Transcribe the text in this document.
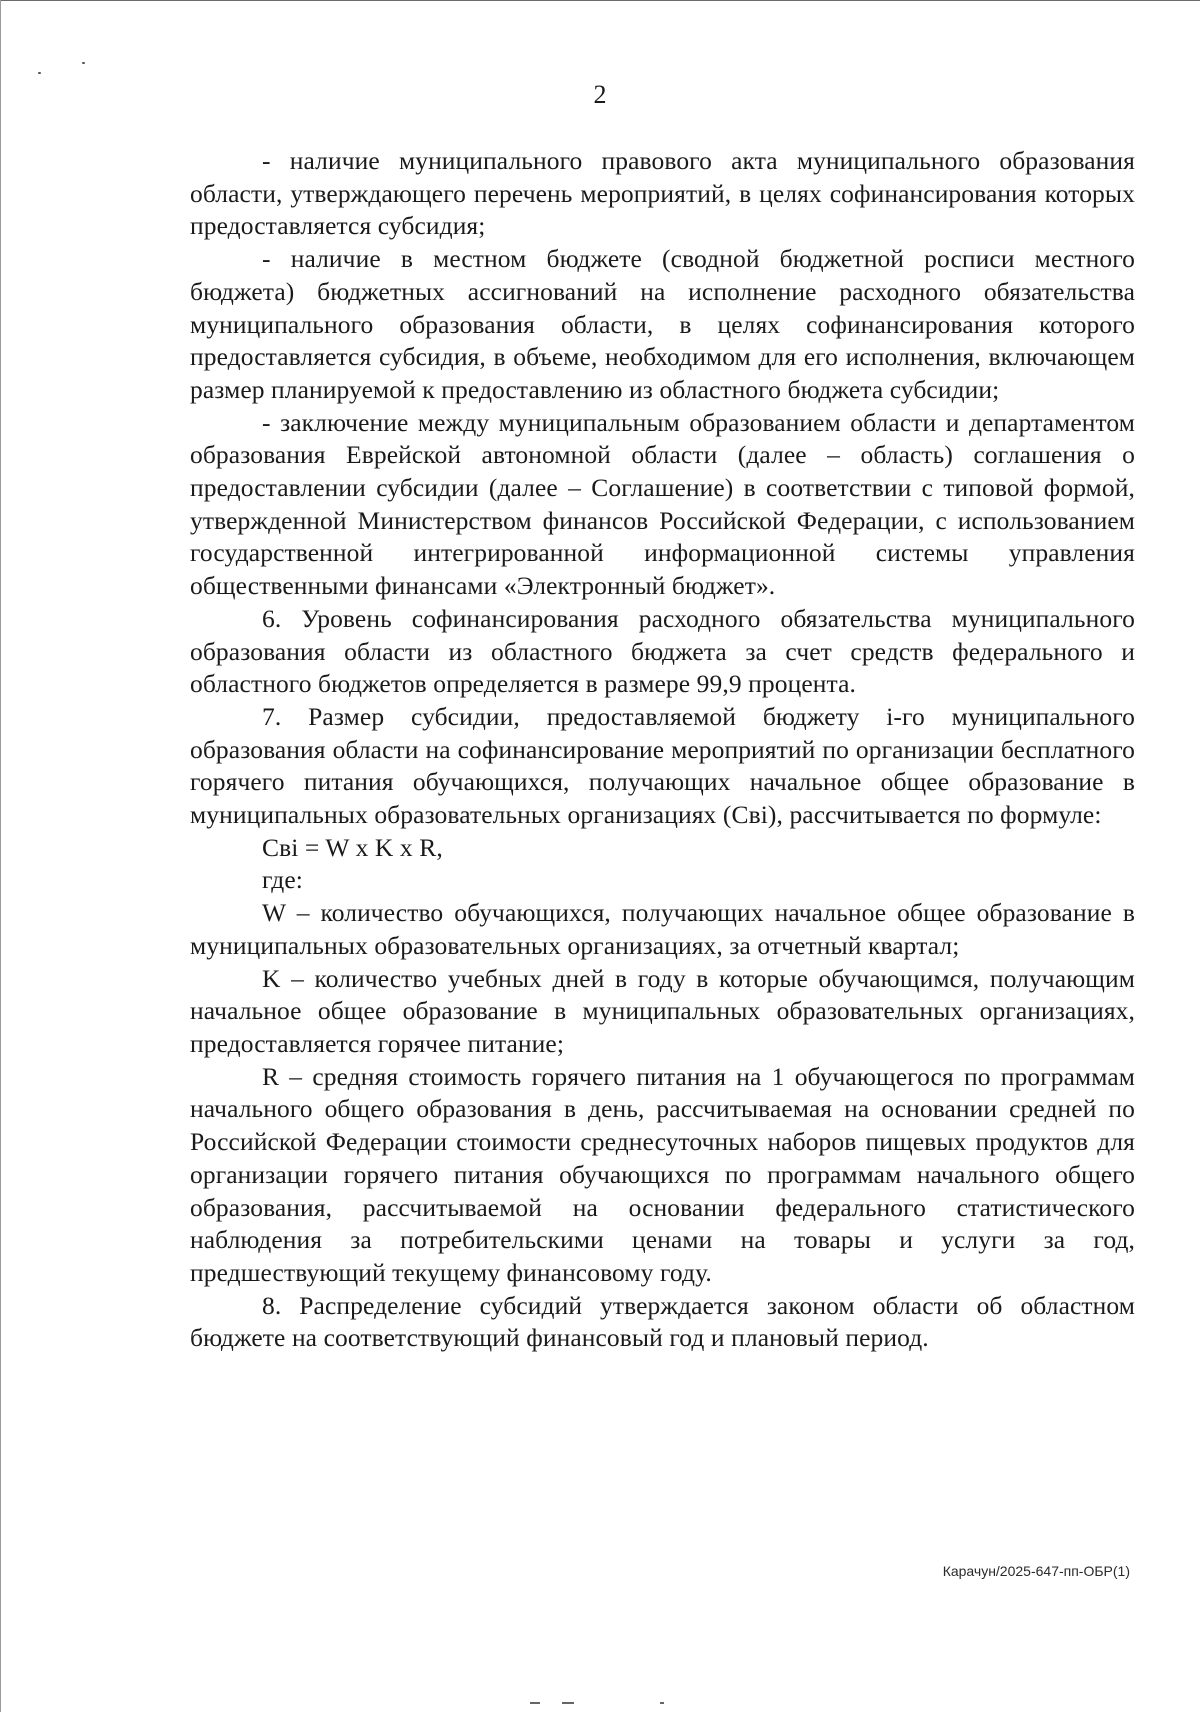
2

- наличие муниципального правового акта муниципального образования области, утверждающего перечень мероприятий, в целях софинансирования которых предоставляется субсидия;

- наличие в местном бюджете (сводной бюджетной росписи местного бюджета) бюджетных ассигнований на исполнение расходного обязательства муниципального образования области, в целях софинансирования которого предоставляется субсидия, в объеме, необходимом для его исполнения, включающем размер планируемой к предоставлению из областного бюджета субсидии;

- заключение между муниципальным образованием области и департаментом образования Еврейской автономной области (далее – область) соглашения о предоставлении субсидии (далее – Соглашение) в соответствии с типовой формой, утвержденной Министерством финансов Российской Федерации, с использованием государственной интегрированной информационной системы управления общественными финансами «Электронный бюджет».

6. Уровень софинансирования расходного обязательства муниципального образования области из областного бюджета за счет средств федерального и областного бюджетов определяется в размере 99,9 процента.

7. Размер субсидии, предоставляемой бюджету i-го муниципального образования области на софинансирование мероприятий по организации бесплатного горячего питания обучающихся, получающих начальное общее образование в муниципальных образовательных организациях (Свi), рассчитывается по формуле:

Свi = W x K x R,

где:

W – количество обучающихся, получающих начальное общее образование в муниципальных образовательных организациях, за отчетный квартал;

K – количество учебных дней в году в которые обучающимся, получающим начальное общее образование в муниципальных образовательных организациях, предоставляется горячее питание;

R – средняя стоимость горячего питания на 1 обучающегося по программам начального общего образования в день, рассчитываемая на основании средней по Российской Федерации стоимости среднесуточных наборов пищевых продуктов для организации горячего питания обучающихся по программам начального общего образования, рассчитываемой на основании федерального статистического наблюдения за потребительскими ценами на товары и услуги за год, предшествующий текущему финансовому году.

8. Распределение субсидий утверждается законом области об областном бюджете на соответствующий финансовый год и плановый период.

Карачун/2025-647-пп-ОБР(1)
